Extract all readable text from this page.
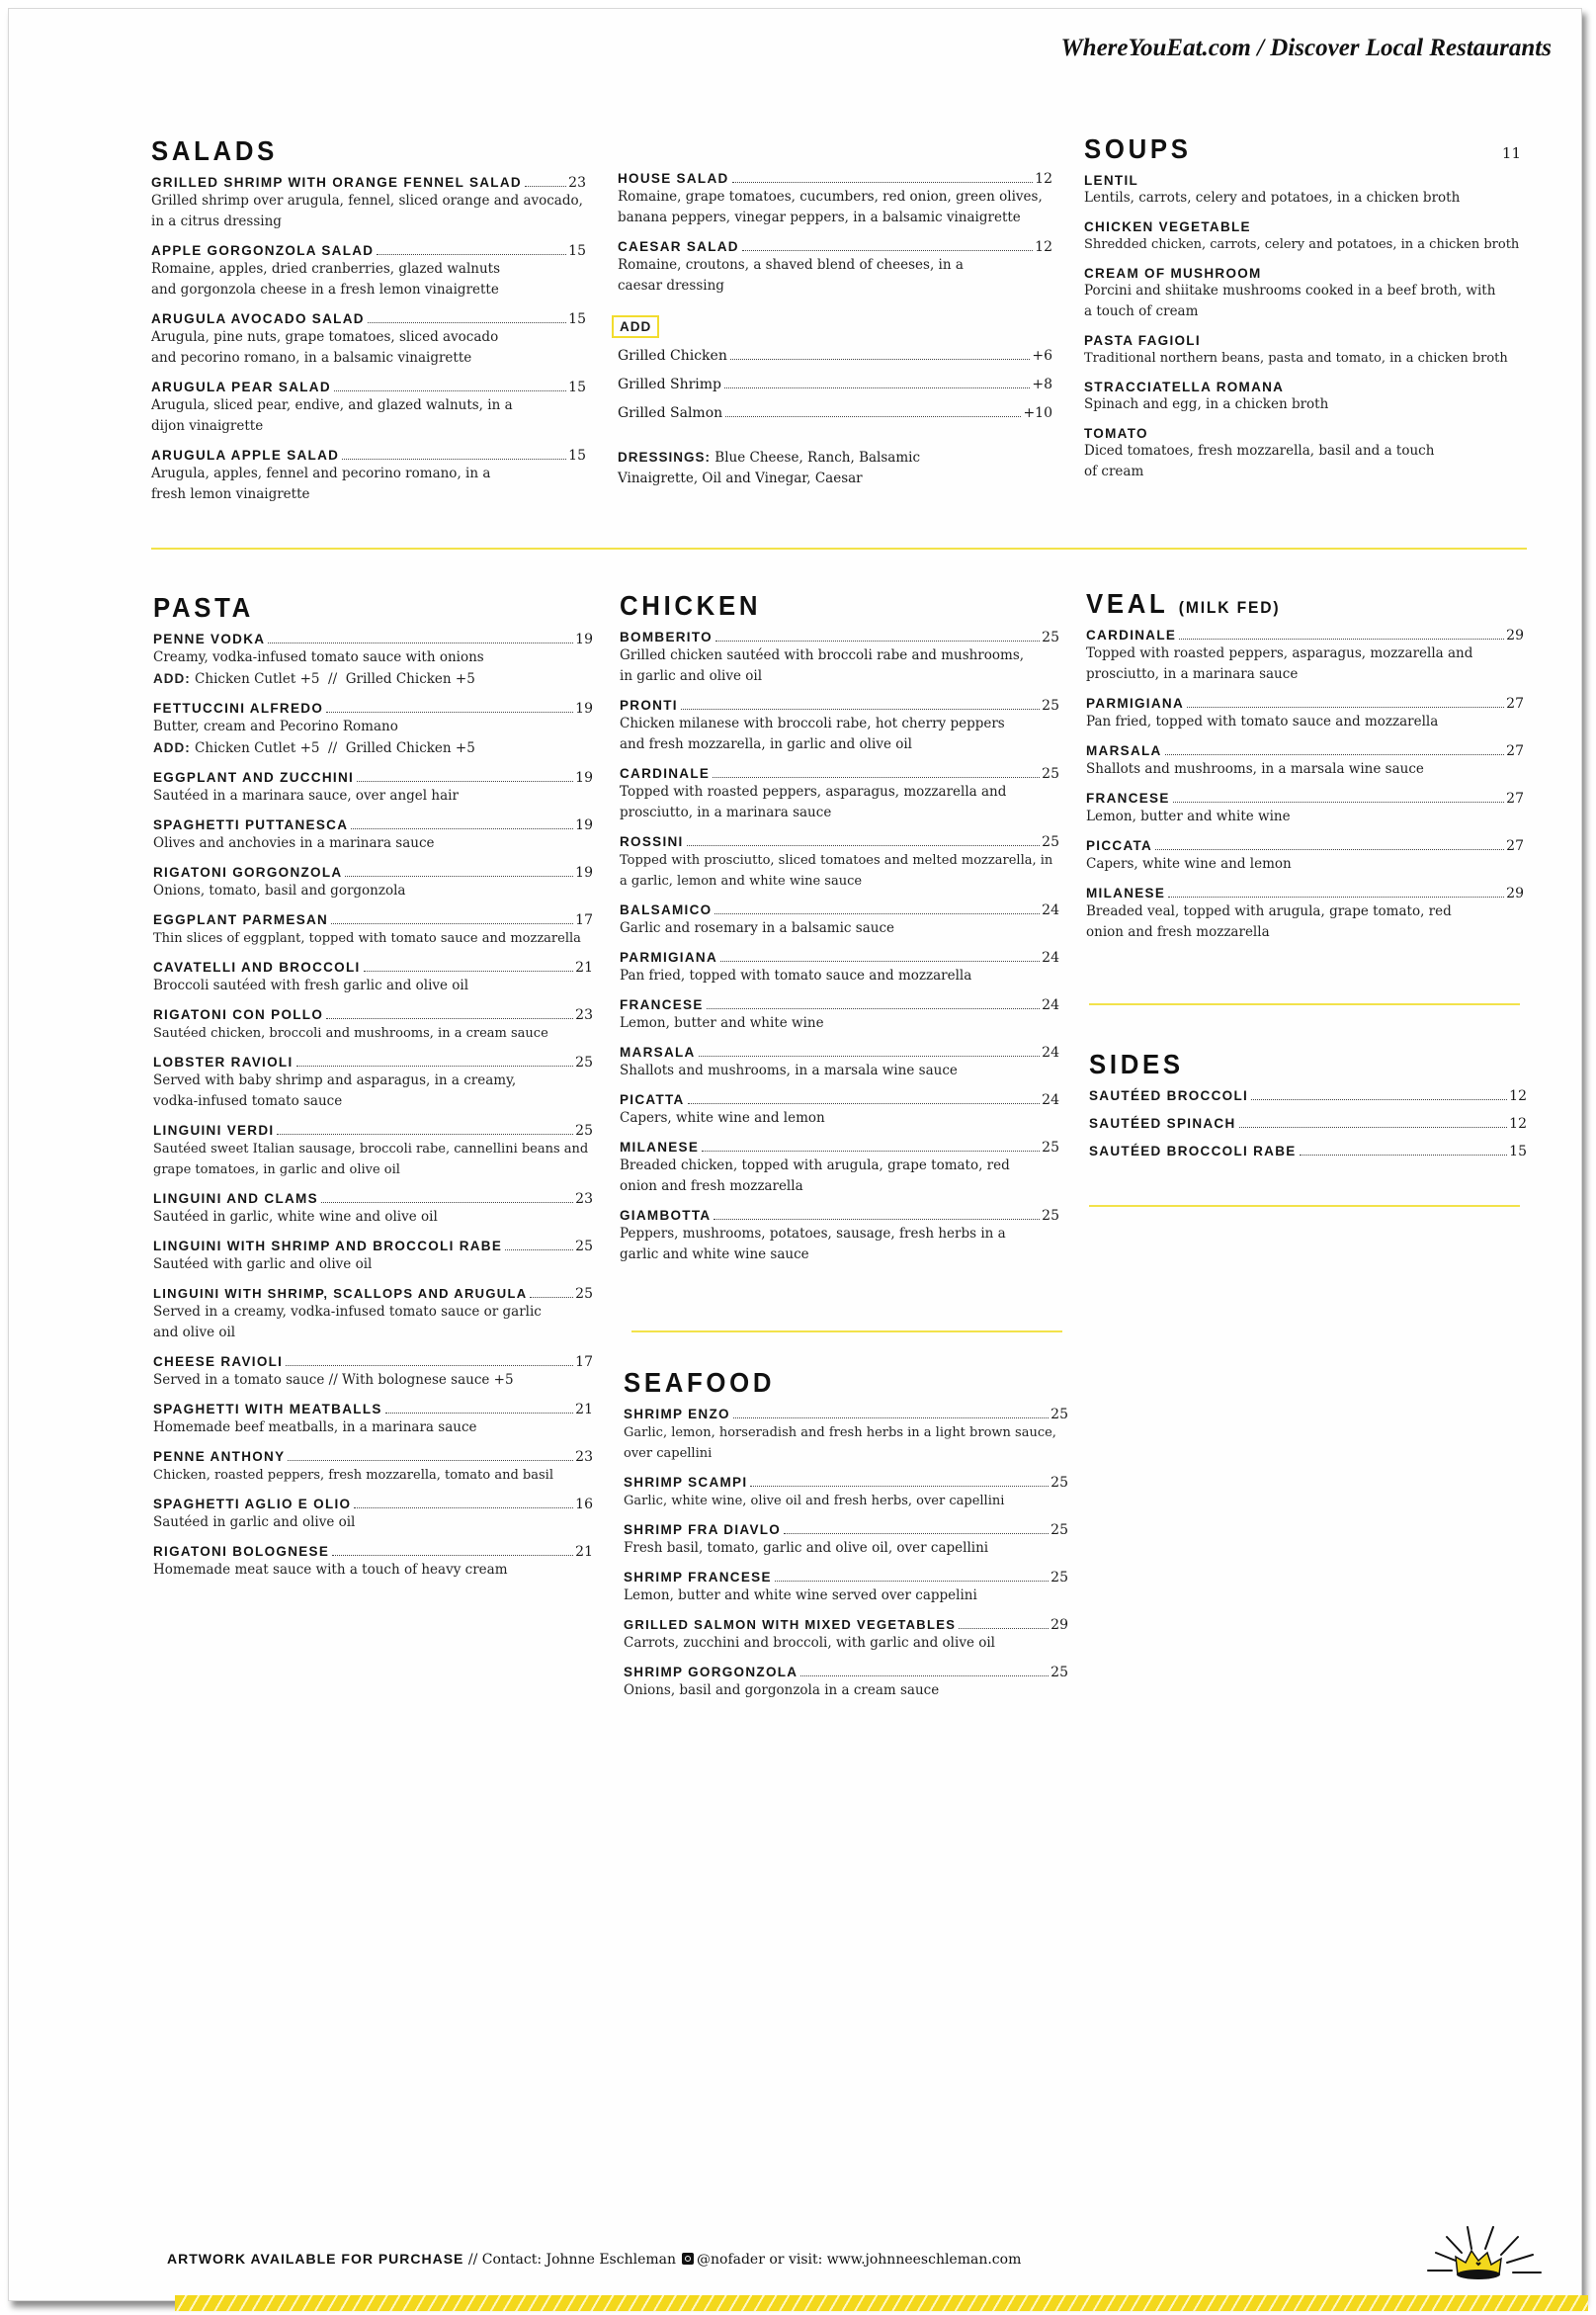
WhereYouEat.com / Discover Local Restaurants
SALADS
GRILLED SHRIMP WITH ORANGE FENNEL SALAD	23
Grilled shrimp over arugula, fennel, sliced orange and avocado, in a citrus dressing
APPLE GORGONZOLA SALAD	15
Romaine, apples, dried cranberries, glazed walnuts and gorgonzola cheese in a fresh lemon vinaigrette
ARUGULA AVOCADO SALAD	15
Arugula, pine nuts, grape tomatoes, sliced avocado and pecorino romano, in a balsamic vinaigrette
ARUGULA PEAR SALAD	15
Arugula, sliced pear, endive, and glazed walnuts, in a dijon vinaigrette
ARUGULA APPLE SALAD	15
Arugula, apples, fennel and pecorino romano, in a fresh lemon vinaigrette
HOUSE SALAD	12
Romaine, grape tomatoes, cucumbers, red onion, green olives, banana peppers, vinegar peppers, in a balsamic vinaigrette
CAESAR SALAD	12
Romaine, croutons, a shaved blend of cheeses, in a caesar dressing
ADD
Grilled Chicken	+6
Grilled Shrimp	+8
Grilled Salmon	+10
DRESSINGS: Blue Cheese, Ranch, Balsamic Vinaigrette, Oil and Vinegar, Caesar
SOUPS	11
LENTIL
Lentils, carrots, celery and potatoes, in a chicken broth
CHICKEN VEGETABLE
Shredded chicken, carrots, celery and potatoes, in a chicken broth
CREAM OF MUSHROOM
Porcini and shiitake mushrooms cooked in a beef broth, with a touch of cream
PASTA FAGIOLI
Traditional northern beans, pasta and tomato, in a chicken broth
STRACCIATELLA ROMANA
Spinach and egg, in a chicken broth
TOMATO
Diced tomatoes, fresh mozzarella, basil and a touch of cream
PASTA
PENNE VODKA	19
Creamy, vodka-infused tomato sauce with onions
ADD: Chicken Cutlet +5  //  Grilled Chicken +5
FETTUCCINI ALFREDO	19
Butter, cream and Pecorino Romano
ADD: Chicken Cutlet +5  //  Grilled Chicken +5
EGGPLANT AND ZUCCHINI	19
Sautéed in a marinara sauce, over angel hair
SPAGHETTI PUTTANESCA	19
Olives and anchovies in a marinara sauce
RIGATONI GORGONZOLA	19
Onions, tomato, basil and gorgonzola
EGGPLANT PARMESAN	17
Thin slices of eggplant, topped with tomato sauce and mozzarella
CAVATELLI AND BROCCOLI	21
Broccoli sautéed with fresh garlic and olive oil
RIGATONI CON POLLO	23
Sautéed chicken, broccoli and mushrooms, in a cream sauce
LOBSTER RAVIOLI	25
Served with baby shrimp and asparagus, in a creamy, vodka-infused tomato sauce
LINGUINI VERDI	25
Sautéed sweet Italian sausage, broccoli rabe, cannellini beans and grape tomatoes, in garlic and olive oil
LINGUINI AND CLAMS	23
Sautéed in garlic, white wine and olive oil
LINGUINI WITH SHRIMP AND BROCCOLI RABE	25
Sautéed with garlic and olive oil
LINGUINI WITH SHRIMP, SCALLOPS AND ARUGULA	25
Served in a creamy, vodka-infused tomato sauce or garlic and olive oil
CHEESE RAVIOLI	17
Served in a tomato sauce // With bolognese sauce +5
SPAGHETTI WITH MEATBALLS	21
Homemade beef meatballs, in a marinara sauce
PENNE ANTHONY	23
Chicken, roasted peppers, fresh mozzarella, tomato and basil
SPAGHETTI AGLIO E OLIO	16
Sautéed in garlic and olive oil
RIGATONI BOLOGNESE	21
Homemade meat sauce with a touch of heavy cream
CHICKEN
BOMBERITO	25
Grilled chicken sautéed with broccoli rabe and mushrooms, in garlic and olive oil
PRONTI	25
Chicken milanese with broccoli rabe, hot cherry peppers and fresh mozzarella, in garlic and olive oil
CARDINALE	25
Topped with roasted peppers, asparagus, mozzarella and prosciutto, in a marinara sauce
ROSSINI	25
Topped with prosciutto, sliced tomatoes and melted mozzarella, in a garlic, lemon and white wine sauce
BALSAMICO	24
Garlic and rosemary in a balsamic sauce
PARMIGIANA	24
Pan fried, topped with tomato sauce and mozzarella
FRANCESE	24
Lemon, butter and white wine
MARSALA	24
Shallots and mushrooms, in a marsala wine sauce
PICATTA	24
Capers, white wine and lemon
MILANESE	25
Breaded chicken, topped with arugula, grape tomato, red onion and fresh mozzarella
GIAMBOTTA	25
Peppers, mushrooms, potatoes, sausage, fresh herbs in a garlic and white wine sauce
SEAFOOD
SHRIMP ENZO	25
Garlic, lemon, horseradish and fresh herbs in a light brown sauce, over capellini
SHRIMP SCAMPI	25
Garlic, white wine, olive oil and fresh herbs, over capellini
SHRIMP FRA DIAVLO	25
Fresh basil, tomato, garlic and olive oil, over capellini
SHRIMP FRANCESE	25
Lemon, butter and white wine served over cappelini
GRILLED SALMON WITH MIXED VEGETABLES	29
Carrots, zucchini and broccoli, with garlic and olive oil
SHRIMP GORGONZOLA	25
Onions, basil and gorgonzola in a cream sauce
VEAL (MILK FED)
CARDINALE	29
Topped with roasted peppers, asparagus, mozzarella and prosciutto, in a marinara sauce
PARMIGIANA	27
Pan fried, topped with tomato sauce and mozzarella
MARSALA	27
Shallots and mushrooms, in a marsala wine sauce
FRANCESE	27
Lemon, butter and white wine
PICCATA	27
Capers, white wine and lemon
MILANESE	29
Breaded veal, topped with arugula, grape tomato, red onion and fresh mozzarella
SIDES
SAUTÉED BROCCOLI	12
SAUTÉED SPINACH	12
SAUTÉED BROCCOLI RABE	15
ARTWORK AVAILABLE FOR PURCHASE // Contact: Johnne Eschleman @nofader or visit: www.johnneeschleman.com
